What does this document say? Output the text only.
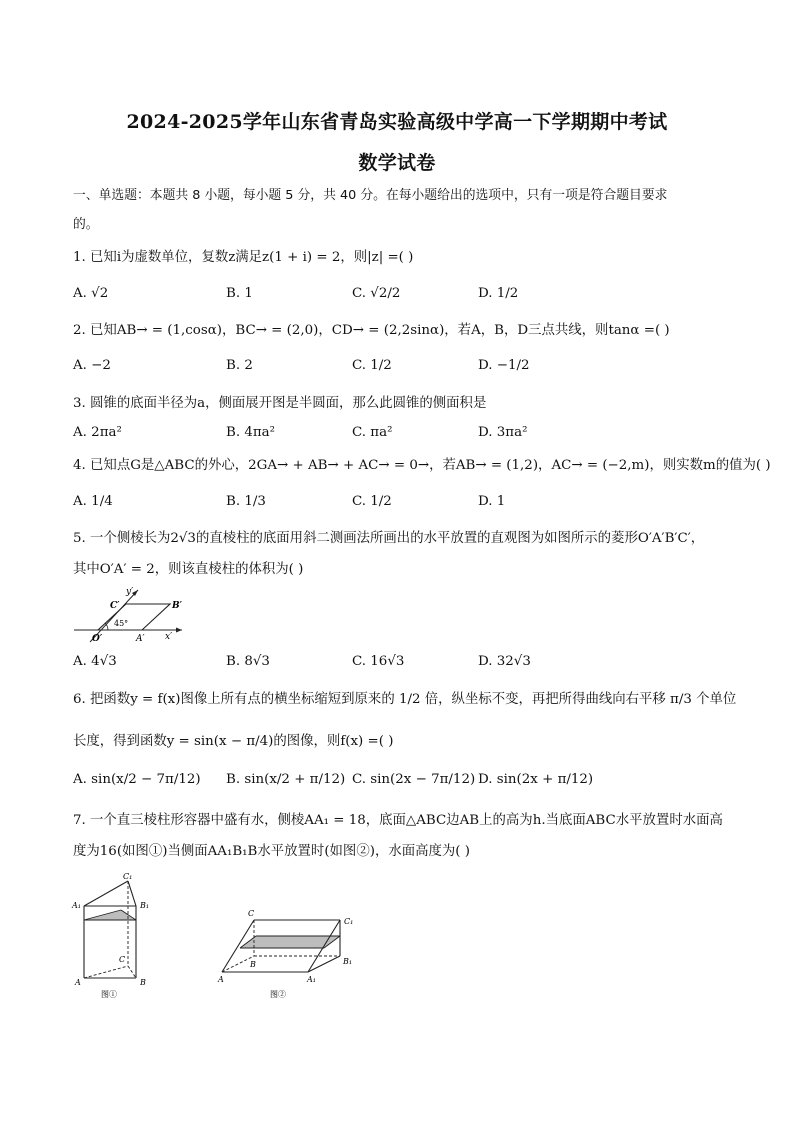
2024-2025学年山东省青岛实验高级中学高一下学期期中考试
数学试卷
一、单选题：本题共 8 小题，每小题 5 分，共 40 分。在每小题给出的选项中，只有一项是符合题目要求
的。
1. 已知i为虚数单位，复数z满足z(1 + i) = 2，则|z| =( )
A. √2	B. 1	C. √2/2	D. 1/2
2. 已知AB→ = (1,cosα)，BC→ = (2,0)，CD→ = (2,2sinα)，若A，B，D三点共线，则tanα =( )
A. −2	B. 2	C. 1/2	D. −1/2
3. 圆锥的底面半径为a，侧面展开图是半圆面，那么此圆锥的侧面积是
A. 2πa²	B. 4πa²	C. πa²	D. 3πa²
4. 已知点G是△ABC的外心，2GA→ + AB→ + AC→ = 0→，若AB→ = (1,2)，AC→ = (−2,m)，则实数m的值为( )
A. 1/4	B. 1/3	C. 1/2	D. 1
5. 一个侧棱长为2√3的直棱柱的底面用斜二测画法所画出的水平放置的直观图为如图所示的菱形O′A′B′C′，
其中O′A′ = 2，则该直棱柱的体积为( )
45°
y′
x′
O′	A′
B′
C′
A. 4√3	B. 8√3	C. 16√3	D. 32√3
6. 把函数y = f(x)图像上所有点的横坐标缩短到原来的 1/2 倍，纵坐标不变，再把所得曲线向右平移 π/3 个单位
长度，得到函数y = sin(x − π/4)的图像，则f(x) =( )
A. sin(x/2 − 7π/12) B. sin(x/2 + π/12) C. sin(2x − 7π/12) D. sin(2x + π/12)
7. 一个直三棱柱形容器中盛有水，侧棱AA₁ = 18，底面△ABC边AB上的高为h.当底面ABC水平放置时水面高
度为16(如图①)当侧面AA₁B₁B水平放置时(如图②)，水面高度为( )
C₁
A₁	B₁
C
A	B
图①
C
C₁
B	B₁
A	A₁
图②
